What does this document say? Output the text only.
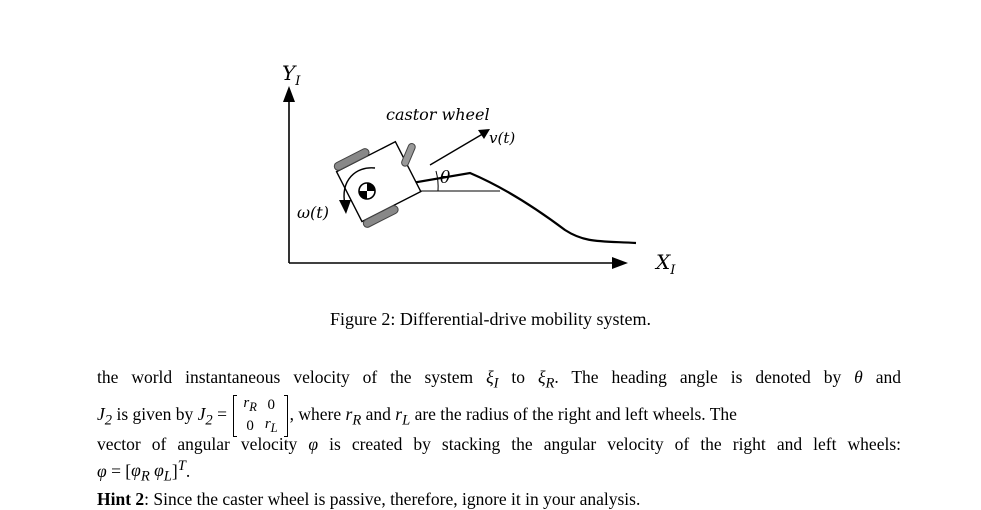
$Y_I$
$X_I$
castor wheel
v(t)
ω(t)
θ
Figure 2: Differential-drive mobility system.
the world instantaneous velocity of the system $\xi_I$ to $\xi_R$. The heading angle is denoted by θ and
$J_2$ is given by $J_2$ =
$r_R$	0
0	$r_L$
, where $r_R$ and $r_L$ are the radius of the right and left wheels. The
vector of angular velocity φ is created by stacking the angular velocity of the right and left wheels:
$\varphi = [\varphi_R$ $\varphi_L]^T$.
Hint 2: Since the caster wheel is passive, therefore, ignore it in your analysis.
